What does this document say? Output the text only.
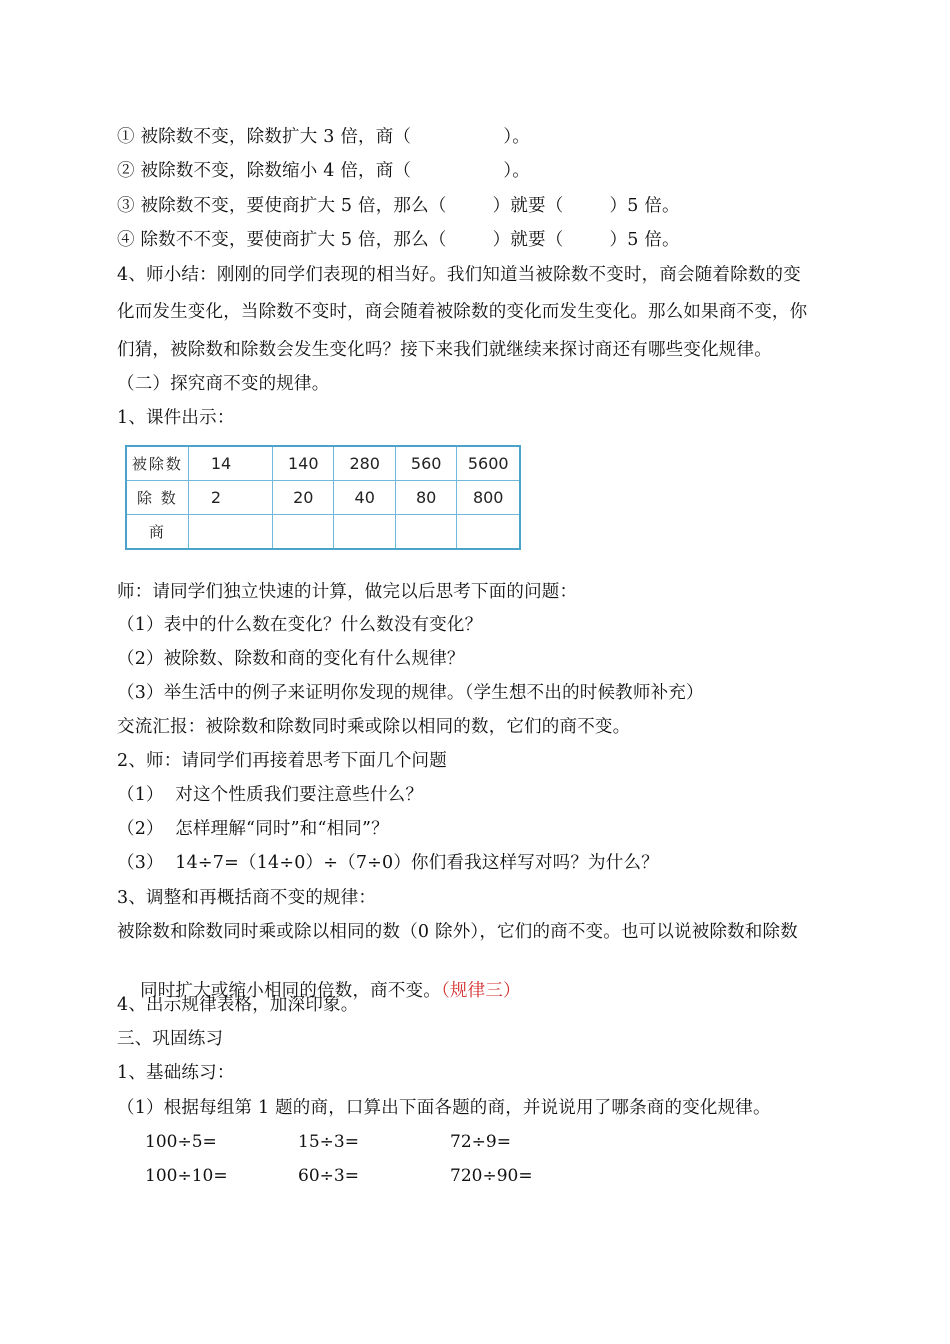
① 被除数不变，除数扩大 3 倍，商（                ）。
② 被除数不变，除数缩小 4 倍，商（                ）。
③ 被除数不变，要使商扩大 5 倍，那么（        ）就要（        ）5 倍。
④ 除数不不变，要使商扩大 5 倍，那么（        ）就要（        ）5 倍。
4、师小结：刚刚的同学们表现的相当好。我们知道当被除数不变时，商会随着除数的变
化而发生变化，当除数不变时，商会随着被除数的变化而发生变化。那么如果商不变，你
们猜，被除数和除数会发生变化吗？接下来我们就继续来探讨商还有哪些变化规律。
（二）探究商不变的规律。
1、课件出示：
被除数	14	140	280	560	5600
除 数	2	20	40	80	800
商					
师：请同学们独立快速的计算，做完以后思考下面的问题：
（1）表中的什么数在变化？什么数没有变化？
（2）被除数、除数和商的变化有什么规律？
（3）举生活中的例子来证明你发现的规律。（学生想不出的时候教师补充）
交流汇报：被除数和除数同时乘或除以相同的数，它们的商不变。
2、师：请同学们再接着思考下面几个问题
（1）  对这个性质我们要注意些什么？
（2）  怎样理解“同时”和“相同”？
（3）  14÷7=（14÷0）÷（7÷0）你们看我这样写对吗？为什么？
3、调整和再概括商不变的规律：
被除数和除数同时乘或除以相同的数（0 除外），它们的商不变。也可以说被除数和除数

同时扩大或缩小相同的倍数，商不变。（规律三）

4、出示规律表格，加深印象。
三、巩固练习
1、基础练习：
（1）根据每组第 1 题的商，口算出下面各题的商，并说说用了哪条商的变化规律。
100÷5=	15÷3=	72÷9=
100÷10=	60÷3=	720÷90=
